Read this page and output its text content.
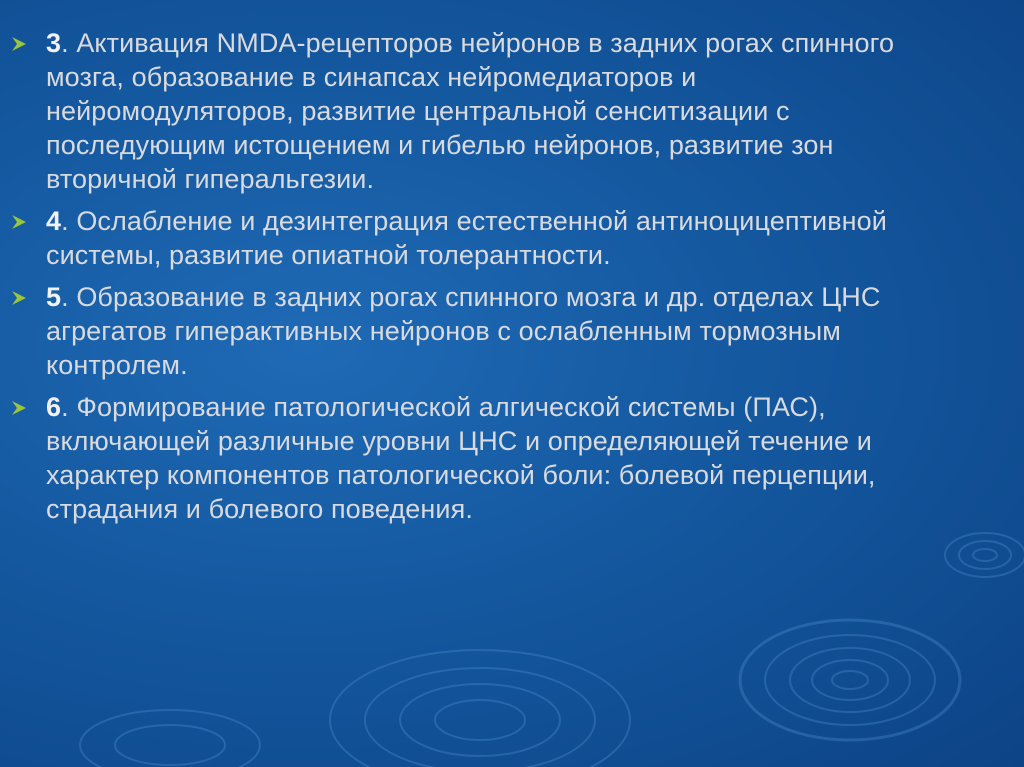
3. Активация NMDA-рецепторов нейронов в задних рогах спинного мозга, образование в синапсах нейромедиаторов и нейромодуляторов, развитие центральной сенситизации с последующим истощением и гибелью нейронов, развитие зон вторичной гиперальгезии.
4. Ослабление и дезинтеграция естественной антиноцицептивной системы, развитие опиатной толерантности.
5. Образование в задних рогах спинного мозга и др. отделах ЦНС агрегатов гиперактивных нейронов с ослабленным тормозным контролем.
6. Формирование патологической алгической системы (ПАС), включающей различные уровни ЦНС и определяющей течение и характер компонентов патологической боли: болевой перцепции, страдания и болевого поведения.
